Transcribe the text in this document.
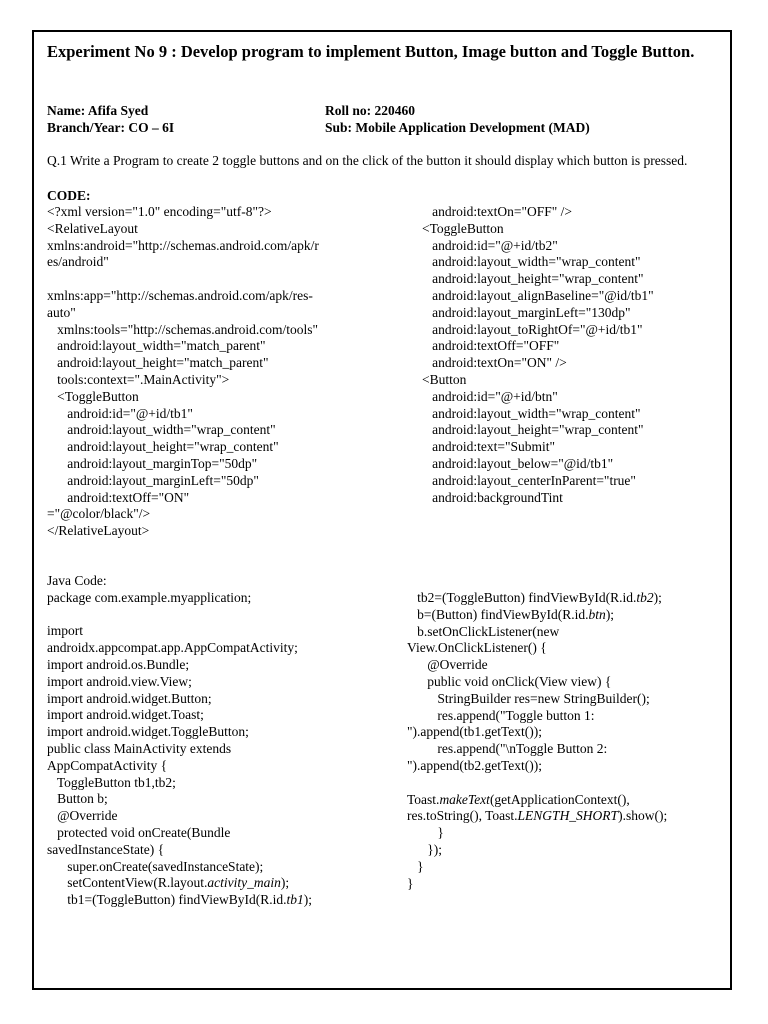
Experiment No 9 : Develop program to implement Button, Image button and Toggle Button.
Name: Afifa Syed	Roll no: 220460
Branch/Year: CO – 6I	Sub: Mobile Application Development (MAD)

Q.1 Write a Program to create 2 toggle buttons and on the click of the button it should display which button is pressed.

CODE:
<?xml version="1.0" encoding="utf-8"?>
<RelativeLayout
xmlns:android="http://schemas.android.com/apk/r
es/android"
xmlns:app="http://schemas.android.com/apk/res-
auto"
xmlns:tools="http://schemas.android.com/tools"
android:layout_width="match_parent"
android:layout_height="match_parent"
tools:context=".MainActivity">
<ToggleButton
android:id="@+id/tb1"
android:layout_width="wrap_content"
android:layout_height="wrap_content"
android:layout_marginTop="50dp"
android:layout_marginLeft="50dp"
android:textOff="ON"
="@color/black"/>
</RelativeLayout>
android:textOn="OFF" />
<ToggleButton
android:id="@+id/tb2"
android:layout_width="wrap_content"
android:layout_height="wrap_content"
android:layout_alignBaseline="@id/tb1"
android:layout_marginLeft="130dp"
android:layout_toRightOf="@+id/tb1"
android:textOff="OFF"
android:textOn="ON" />
<Button
android:id="@+id/btn"
android:layout_width="wrap_content"
android:layout_height="wrap_content"
android:text="Submit"
android:layout_below="@id/tb1"
android:layout_centerInParent="true"
android:backgroundTint
Java Code:
package com.example.myapplication;
import
androidx.appcompat.app.AppCompatActivity;
import android.os.Bundle;
import android.view.View;
import android.widget.Button;
import android.widget.Toast;
import android.widget.ToggleButton;
public class MainActivity extends
AppCompatActivity {
ToggleButton tb1,tb2;
Button b;
@Override
protected void onCreate(Bundle
savedInstanceState) {
super.onCreate(savedInstanceState);
setContentView(R.layout.activity_main);
tb1=(ToggleButton) findViewById(R.id.tb1);
tb2=(ToggleButton) findViewById(R.id.tb2);
b=(Button) findViewById(R.id.btn);
b.setOnClickListener(new
View.OnClickListener() {
@Override
public void onClick(View view) {
StringBuilder res=new StringBuilder();
res.append("Toggle button 1:
").append(tb1.getText());
res.append("\nToggle Button 2:
").append(tb2.getText());
Toast.makeText(getApplicationContext(),
res.toString(), Toast.LENGTH_SHORT).show();
}
});
}
}
